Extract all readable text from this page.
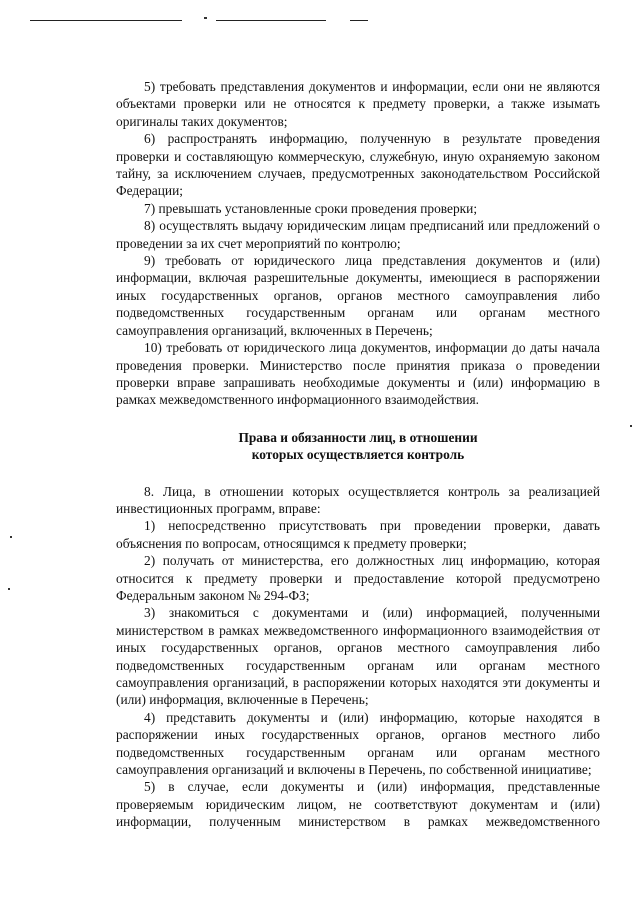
5) требовать представления документов и информации, если они не являются объектами проверки или не относятся к предмету проверки, а также изымать оригиналы таких документов;

6) распространять информацию, полученную в результате проведения проверки и составляющую коммерческую, служебную, иную охраняемую законом тайну, за исключением случаев, предусмотренных законодательством Российской Федерации;

7) превышать установленные сроки проведения проверки;

8) осуществлять выдачу юридическим лицам предписаний или предложений о проведении за их счет мероприятий по контролю;

9) требовать от юридического лица представления документов и (или) информации, включая разрешительные документы, имеющиеся в распоряжении иных государственных органов, органов местного самоуправления либо подведомственных государственным органам или органам местного самоуправления организаций, включенных в Перечень;

10) требовать от юридического лица документов, информации до даты начала проведения проверки. Министерство после принятия приказа о проведении проверки вправе запрашивать необходимые документы и (или) информацию в рамках межведомственного информационного взаимодействия.

Права и обязанности лиц, в отношении
которых осуществляется контроль

8. Лица, в отношении которых осуществляется контроль за реализацией инвестиционных программ, вправе:

1) непосредственно присутствовать при проведении проверки, давать объяснения по вопросам, относящимся к предмету проверки;

2) получать от министерства, его должностных лиц информацию, которая относится к предмету проверки и предоставление которой предусмотрено Федеральным законом № 294-ФЗ;

3) знакомиться с документами и (или) информацией, полученными министерством в рамках межведомственного информационного взаимодействия от иных государственных органов, органов местного самоуправления либо подведомственных государственным органам или органам местного самоуправления организаций, в распоряжении которых находятся эти документы и (или) информация, включенные в Перечень;

4) представить документы и (или) информацию, которые находятся в распоряжении иных государственных органов, органов местного либо подведомственных государственным органам или органам местного самоуправления организаций и включены в Перечень, по собственной инициативе;

5) в случае, если документы и (или) информация, представленные проверяемым юридическим лицом, не соответствуют документам и (или) информации, полученным министерством в рамках межведомственного
